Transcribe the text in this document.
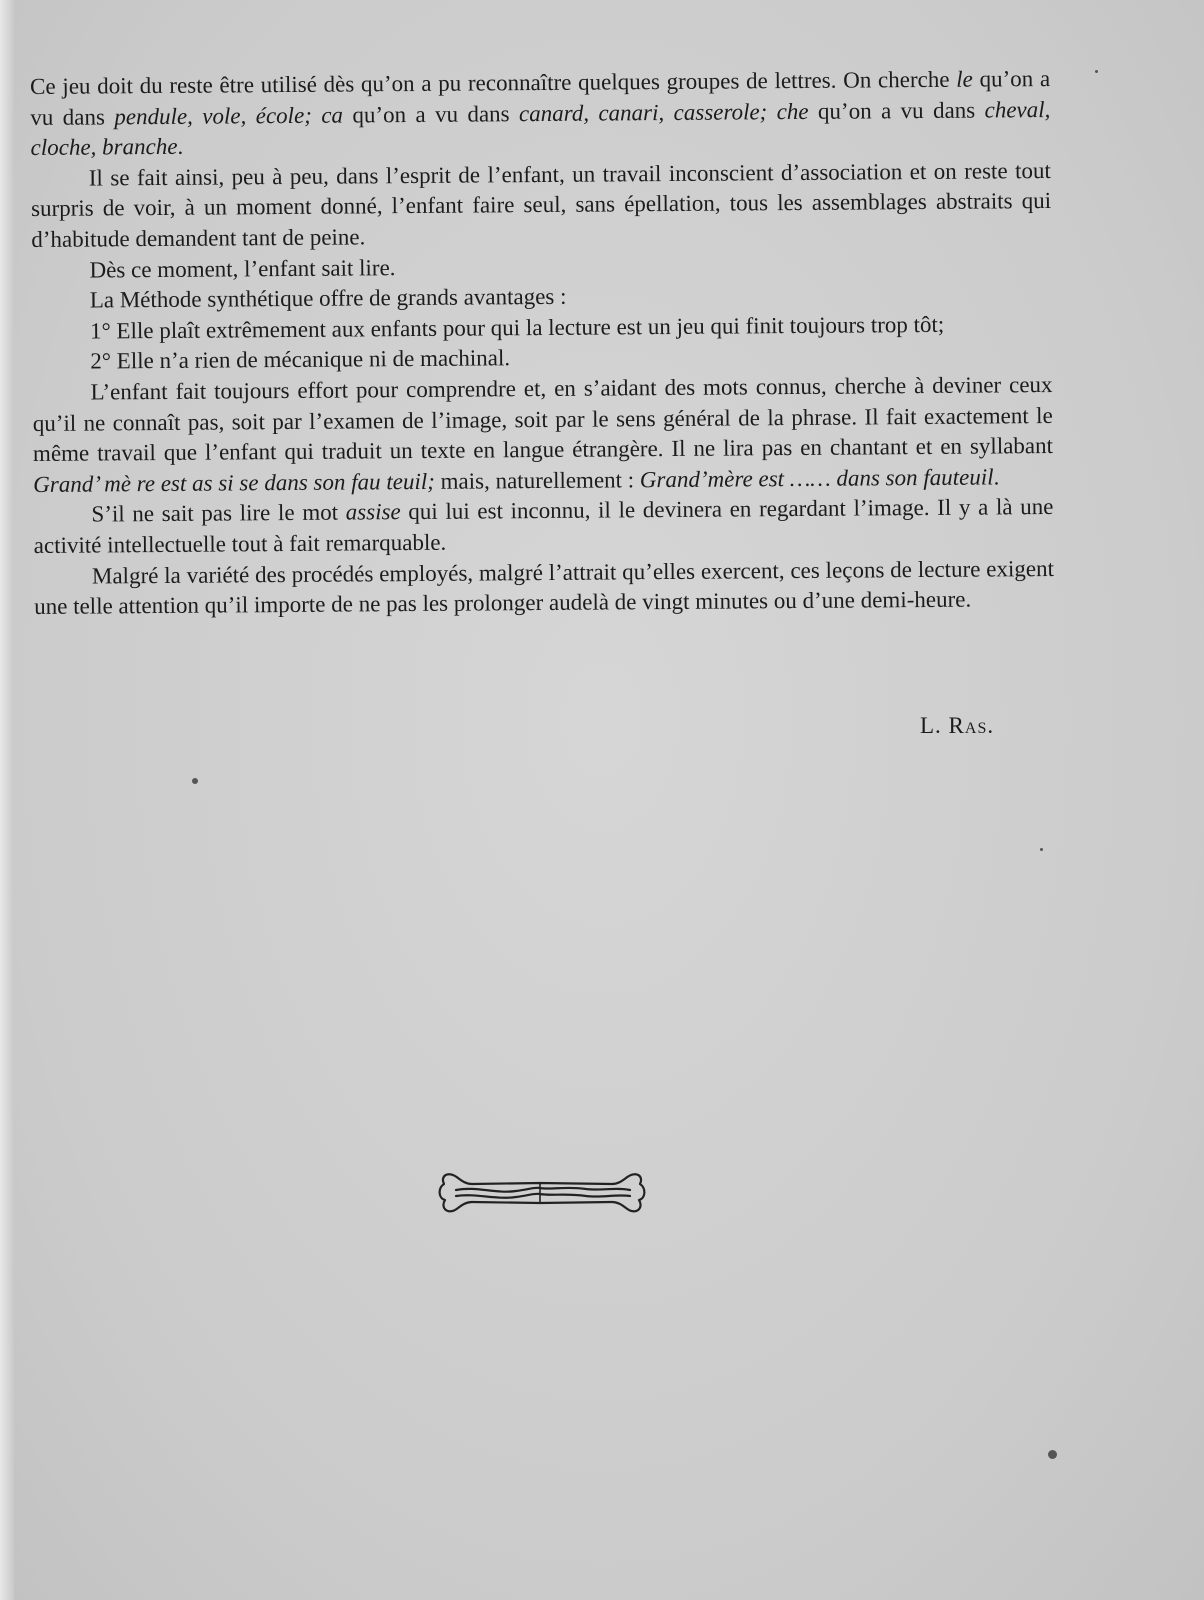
Ce jeu doit du reste être utilisé dès qu’on a pu reconnaître quelques groupes de lettres. On cherche le qu’on a vu dans pendule, vole, école; ca qu’on a vu dans canard, canari, casserole; che qu’on a vu dans cheval, cloche, branche.

Il se fait ainsi, peu à peu, dans l’esprit de l’enfant, un travail inconscient d’association et on reste tout surpris de voir, à un moment donné, l’enfant faire seul, sans épellation, tous les assemblages abstraits qui d’habitude demandent tant de peine.

Dès ce moment, l’enfant sait lire.

La Méthode synthétique offre de grands avantages :

1° Elle plaît extrêmement aux enfants pour qui la lecture est un jeu qui finit toujours trop tôt;

2° Elle n’a rien de mécanique ni de machinal.

L’enfant fait toujours effort pour comprendre et, en s’aidant des mots connus, cherche à deviner ceux qu’il ne connaît pas, soit par l’examen de l’image, soit par le sens général de la phrase. Il fait exactement le même travail que l’enfant qui traduit un texte en langue étrangère. Il ne lira pas en chantant et en syllabant Grand’ mè re est as si se dans son fau teuil; mais, naturellement : Grand’mère est …… dans son fauteuil.

S’il ne sait pas lire le mot assise qui lui est inconnu, il le devinera en regardant l’image. Il y a là une activité intellectuelle tout à fait remarquable.

Malgré la variété des procédés employés, malgré l’attrait qu’elles exercent, ces leçons de lecture exigent une telle attention qu’il importe de ne pas les prolonger audelà de vingt minutes ou d’une demi-heure.

L. Ras.
